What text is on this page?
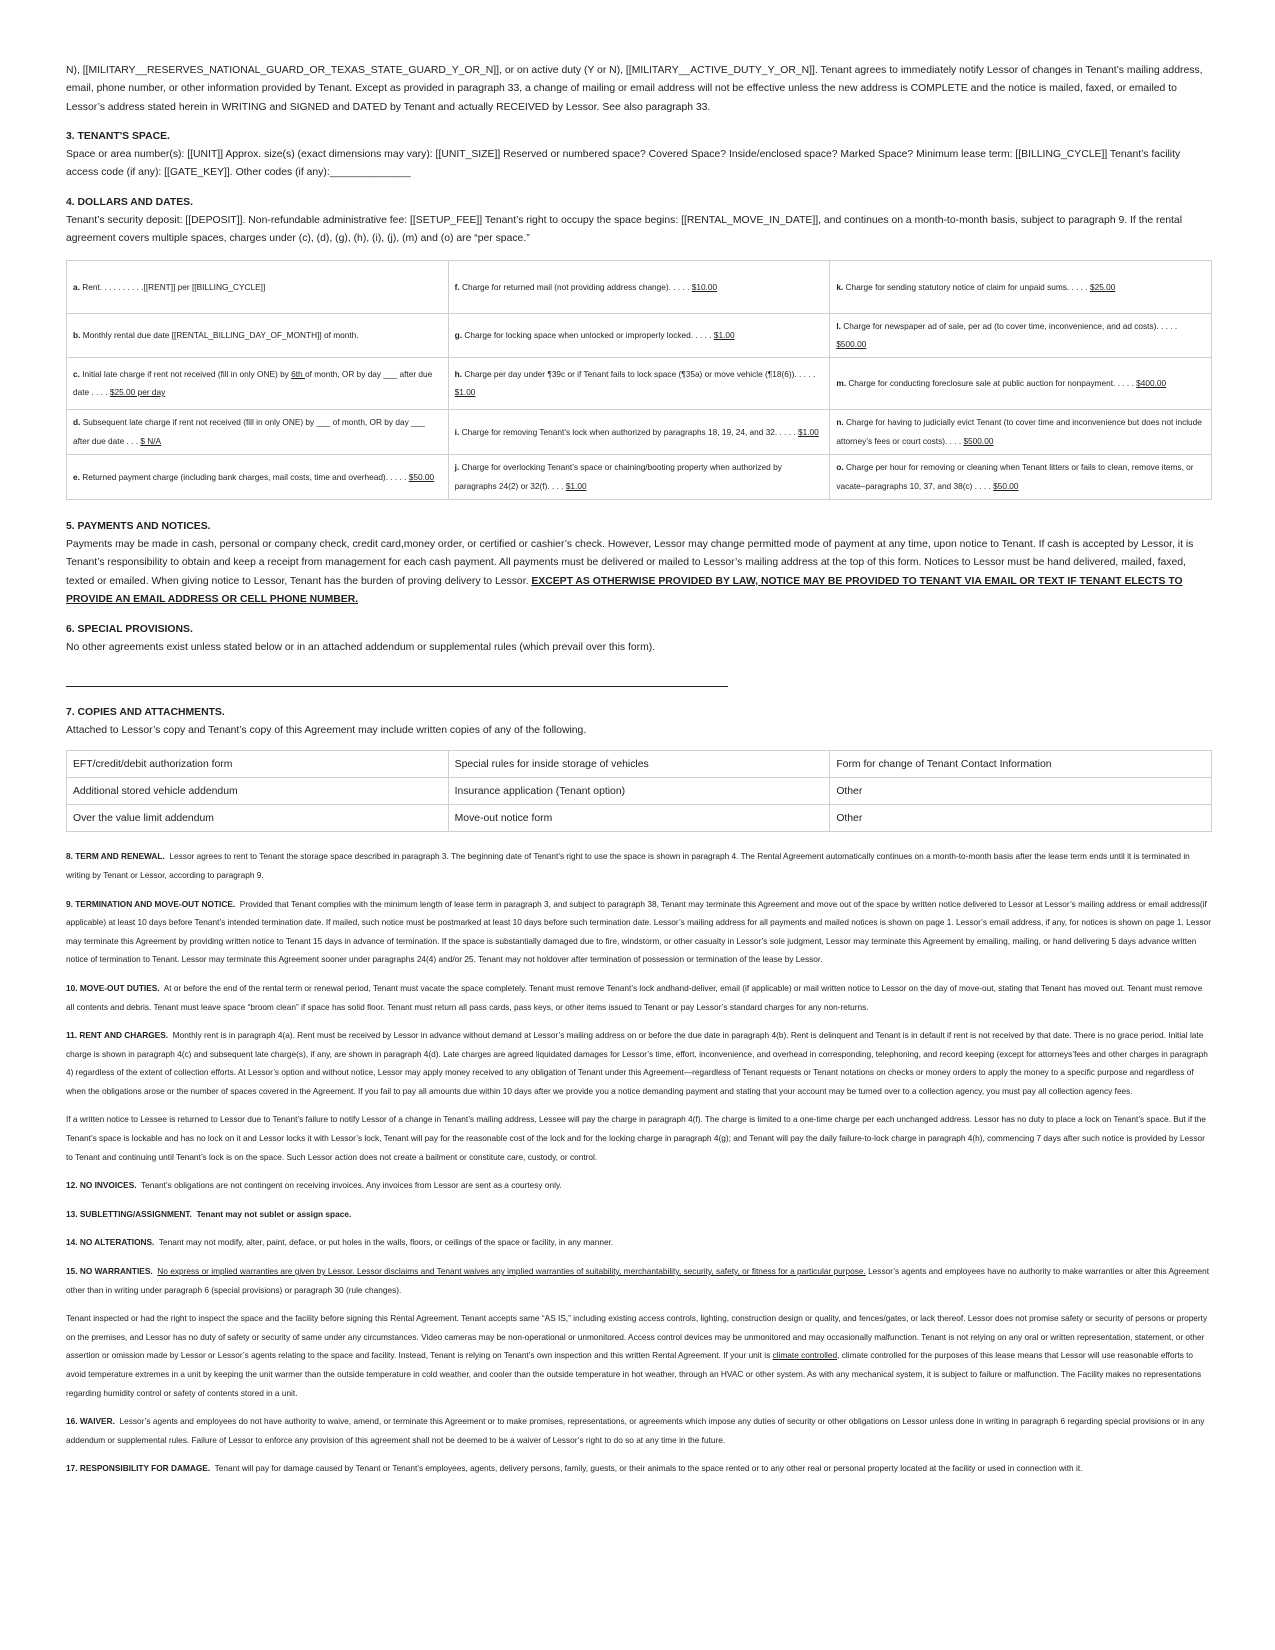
N), [[MILITARY__RESERVES_NATIONAL_GUARD_OR_TEXAS_STATE_GUARD_Y_OR_N]], or on active duty (Y or N), [[MILITARY__ACTIVE_DUTY_Y_OR_N]]. Tenant agrees to immediately notify Lessor of changes in Tenant’s mailing address, email, phone number, or other information provided by Tenant. Except as provided in paragraph 33, a change of mailing or email address will not be effective unless the new address is COMPLETE and the notice is mailed, faxed, or emailed to Lessor’s address stated herein in WRITING and SIGNED and DATED by Tenant and actually RECEIVED by Lessor. See also paragraph 33.

3. TENANT'S SPACE.

Space or area number(s): [[UNIT]] Approx. size(s) (exact dimensions may vary): [[UNIT_SIZE]] Reserved or numbered space? Covered Space? Inside/enclosed space? Marked Space? Minimum lease term: [[BILLING_CYCLE]] Tenant’s facility access code (if any): [[GATE_KEY]]. Other codes (if any):______________

4. DOLLARS AND DATES.

Tenant’s security deposit: [[DEPOSIT]]. Non-refundable administrative fee: [[SETUP_FEE]] Tenant’s right to occupy the space begins: [[RENTAL_MOVE_IN_DATE]], and continues on a month-to-month basis, subject to paragraph 9. If the rental agreement covers multiple spaces, charges under (c), (d), (g), (h), (i), (j), (m) and (o) are “per space.”

a. Rent. . . . . . . . . .[[RENT]] per [[BILLING_CYCLE]]	f. Charge for returned mail (not providing address change). . . . . $10.00	k. Charge for sending statutory notice of claim for unpaid sums. . . . . $25.00
b. Monthly rental due date [[RENTAL_BILLING_DAY_OF_MONTH]] of month.	g. Charge for locking space when unlocked or improperly locked. . . . . $1.00	l. Charge for newspaper ad of sale, per ad (to cover time, inconvenience, and ad costs). . . . . $500.00
c. Initial late charge if rent not received (fill in only ONE) by 6th of month, OR by day ___ after due date . . . . $25.00 per day	h. Charge per day under ¶39c or if Tenant fails to lock space (¶35a) or move vehicle (¶18(6)). . . . . $1.00	m. Charge for conducting foreclosure sale at public auction for nonpayment. . . . . $400.00
d. Subsequent late charge if rent not received (fill in only ONE) by ___ of month, OR by day ___ after due date . . . $ N/A	i. Charge for removing Tenant’s lock when authorized by paragraphs 18, 19, 24, and 32. . . . . $1.00	n. Charge for having to judicially evict Tenant (to cover time and inconvenience but does not include attorney’s fees or court costs). . . . $500.00
e. Returned payment charge (including bank charges, mail costs, time and overhead). . . . . $50.00	j. Charge for overlocking Tenant’s space or chaining/booting property when authorized by paragraphs 24(2) or 32(f). . . . $1.00	o. Charge per hour for removing or cleaning when Tenant litters or fails to clean, remove items, or vacate–paragraphs 10, 37, and 38(c) . . . . $50.00

5. PAYMENTS AND NOTICES.

Payments may be made in cash, personal or company check, credit card,money order, or certified or cashier’s check. However, Lessor may change permitted mode of payment at any time, upon notice to Tenant. If cash is accepted by Lessor, it is Tenant’s responsibility to obtain and keep a receipt from management for each cash payment. All payments must be delivered or mailed to Lessor’s mailing address at the top of this form. Notices to Lessor must be hand delivered, mailed, faxed, texted or emailed. When giving notice to Lessor, Tenant has the burden of proving delivery to Lessor. EXCEPT AS OTHERWISE PROVIDED BY LAW, NOTICE MAY BE PROVIDED TO TENANT VIA EMAIL OR TEXT IF TENANT ELECTS TO PROVIDE AN EMAIL ADDRESS OR CELL PHONE NUMBER.

6. SPECIAL PROVISIONS.

No other agreements exist unless stated below or in an attached addendum or supplemental rules (which prevail over this form).

7. COPIES AND ATTACHMENTS.

Attached to Lessor’s copy and Tenant’s copy of this Agreement may include written copies of any of the following.

EFT/credit/debit authorization form	Special rules for inside storage of vehicles	Form for change of Tenant Contact Information
Additional stored vehicle addendum	Insurance application (Tenant option)	Other
Over the value limit addendum	Move-out notice form	Other

8. TERM AND RENEWAL. Lessor agrees to rent to Tenant the storage space described in paragraph 3. The beginning date of Tenant’s right to use the space is shown in paragraph 4. The Rental Agreement automatically continues on a month-to-month basis after the lease term ends until it is terminated in writing by Tenant or Lessor, according to paragraph 9.

9. TERMINATION AND MOVE-OUT NOTICE. Provided that Tenant complies with the minimum length of lease term in paragraph 3, and subject to paragraph 38, Tenant may terminate this Agreement and move out of the space by written notice delivered to Lessor at Lessor’s mailing address or email address(if applicable) at least 10 days before Tenant’s intended termination date. If mailed, such notice must be postmarked at least 10 days before such termination date. Lessor’s mailing address for all payments and mailed notices is shown on page 1. Lessor’s email address, if any, for notices is shown on page 1. Lessor may terminate this Agreement by providing written notice to Tenant 15 days in advance of termination. If the space is substantially damaged due to fire, windstorm, or other casualty in Lessor’s sole judgment, Lessor may terminate this Agreement by emailing, mailing, or hand delivering 5 days advance written notice of termination to Tenant. Lessor may terminate this Agreement sooner under paragraphs 24(4) and/or 25. Tenant may not holdover after termination of possession or termination of the lease by Lessor.

10. MOVE-OUT DUTIES. At or before the end of the rental term or renewal period, Tenant must vacate the space completely. Tenant must remove Tenant’s lock andhand-deliver, email (if applicable) or mail written notice to Lessor on the day of move-out, stating that Tenant has moved out. Tenant must remove all contents and debris. Tenant must leave space “broom clean” if space has solid floor. Tenant must return all pass cards, pass keys, or other items issued to Tenant or pay Lessor’s standard charges for any non-returns.

11. RENT AND CHARGES. Monthly rent is in paragraph 4(a). Rent must be received by Lessor in advance without demand at Lessor’s mailing address on or before the due date in paragraph 4(b). Rent is delinquent and Tenant is in default if rent is not received by that date. There is no grace period. Initial late charge is shown in paragraph 4(c) and subsequent late charge(s), if any, are shown in paragraph 4(d). Late charges are agreed liquidated damages for Lessor’s time, effort, inconvenience, and overhead in corresponding, telephoning, and record keeping (except for attorneys’fees and other charges in paragraph 4) regardless of the extent of collection efforts. At Lessor’s option and without notice, Lessor may apply money received to any obligation of Tenant under this Agreement—regardless of Tenant requests or Tenant notations on checks or money orders to apply the money to a specific purpose and regardless of when the obligations arose or the number of spaces covered in the Agreement. If you fail to pay all amounts due within 10 days after we provide you a notice demanding payment and stating that your account may be turned over to a collection agency, you must pay all collection agency fees.

If a written notice to Lessee is returned to Lessor due to Tenant’s failure to notify Lessor of a change in Tenant’s mailing address, Lessee will pay the charge in paragraph 4(f). The charge is limited to a one-time charge per each unchanged address. Lessor has no duty to place a lock on Tenant’s space. But if the Tenant’s space is lockable and has no lock on it and Lessor locks it with Lessor’s lock, Tenant will pay for the reasonable cost of the lock and for the locking charge in paragraph 4(g); and Tenant will pay the daily failure-to-lock charge in paragraph 4(h), commencing 7 days after such notice is provided by Lessor to Tenant and continuing until Tenant’s lock is on the space. Such Lessor action does not create a bailment or constitute care, custody, or control.

12. NO INVOICES. Tenant’s obligations are not contingent on receiving invoices. Any invoices from Lessor are sent as a courtesy only.

13. SUBLETTING/ASSIGNMENT. Tenant may not sublet or assign space.

14. NO ALTERATIONS. Tenant may not modify, alter, paint, deface, or put holes in the walls, floors, or ceilings of the space or facility, in any manner.

15. NO WARRANTIES. No express or implied warranties are given by Lessor. Lessor disclaims and Tenant waives any implied warranties of suitability, merchantability, security, safety, or fitness for a particular purpose. Lessor’s agents and employees have no authority to make warranties or alter this Agreement other than in writing under paragraph 6 (special provisions) or paragraph 30 (rule changes).

Tenant inspected or had the right to inspect the space and the facility before signing this Rental Agreement. Tenant accepts same “AS IS,” including existing access controls, lighting, construction design or quality, and fences/gates, or lack thereof. Lessor does not promise safety or security of persons or property on the premises, and Lessor has no duty of safety or security of same under any circumstances. Video cameras may be non-operational or unmonitored. Access control devices may be unmonitored and may occasionally malfunction. Tenant is not relying on any oral or written representation, statement, or other assertion or omission made by Lessor or Lessor’s agents relating to the space and facility. Instead, Tenant is relying on Tenant’s own inspection and this written Rental Agreement. If your unit is climate controlled, climate controlled for the purposes of this lease means that Lessor will use reasonable efforts to avoid temperature extremes in a unit by keeping the unit warmer than the outside temperature in cold weather, and cooler than the outside temperature in hot weather, through an HVAC or other system. As with any mechanical system, it is subject to failure or malfunction. The Facility makes no representations regarding humidity control or safety of contents stored in a unit.

16. WAIVER. Lessor’s agents and employees do not have authority to waive, amend, or terminate this Agreement or to make promises, representations, or agreements which impose any duties of security or other obligations on Lessor unless done in writing in paragraph 6 regarding special provisions or in any addendum or supplemental rules. Failure of Lessor to enforce any provision of this agreement shall not be deemed to be a waiver of Lessor’s right to do so at any time in the future.

17. RESPONSIBILITY FOR DAMAGE. Tenant will pay for damage caused by Tenant or Tenant’s employees, agents, delivery persons, family, guests, or their animals to the space rented or to any other real or personal property located at the facility or used in connection with it.
